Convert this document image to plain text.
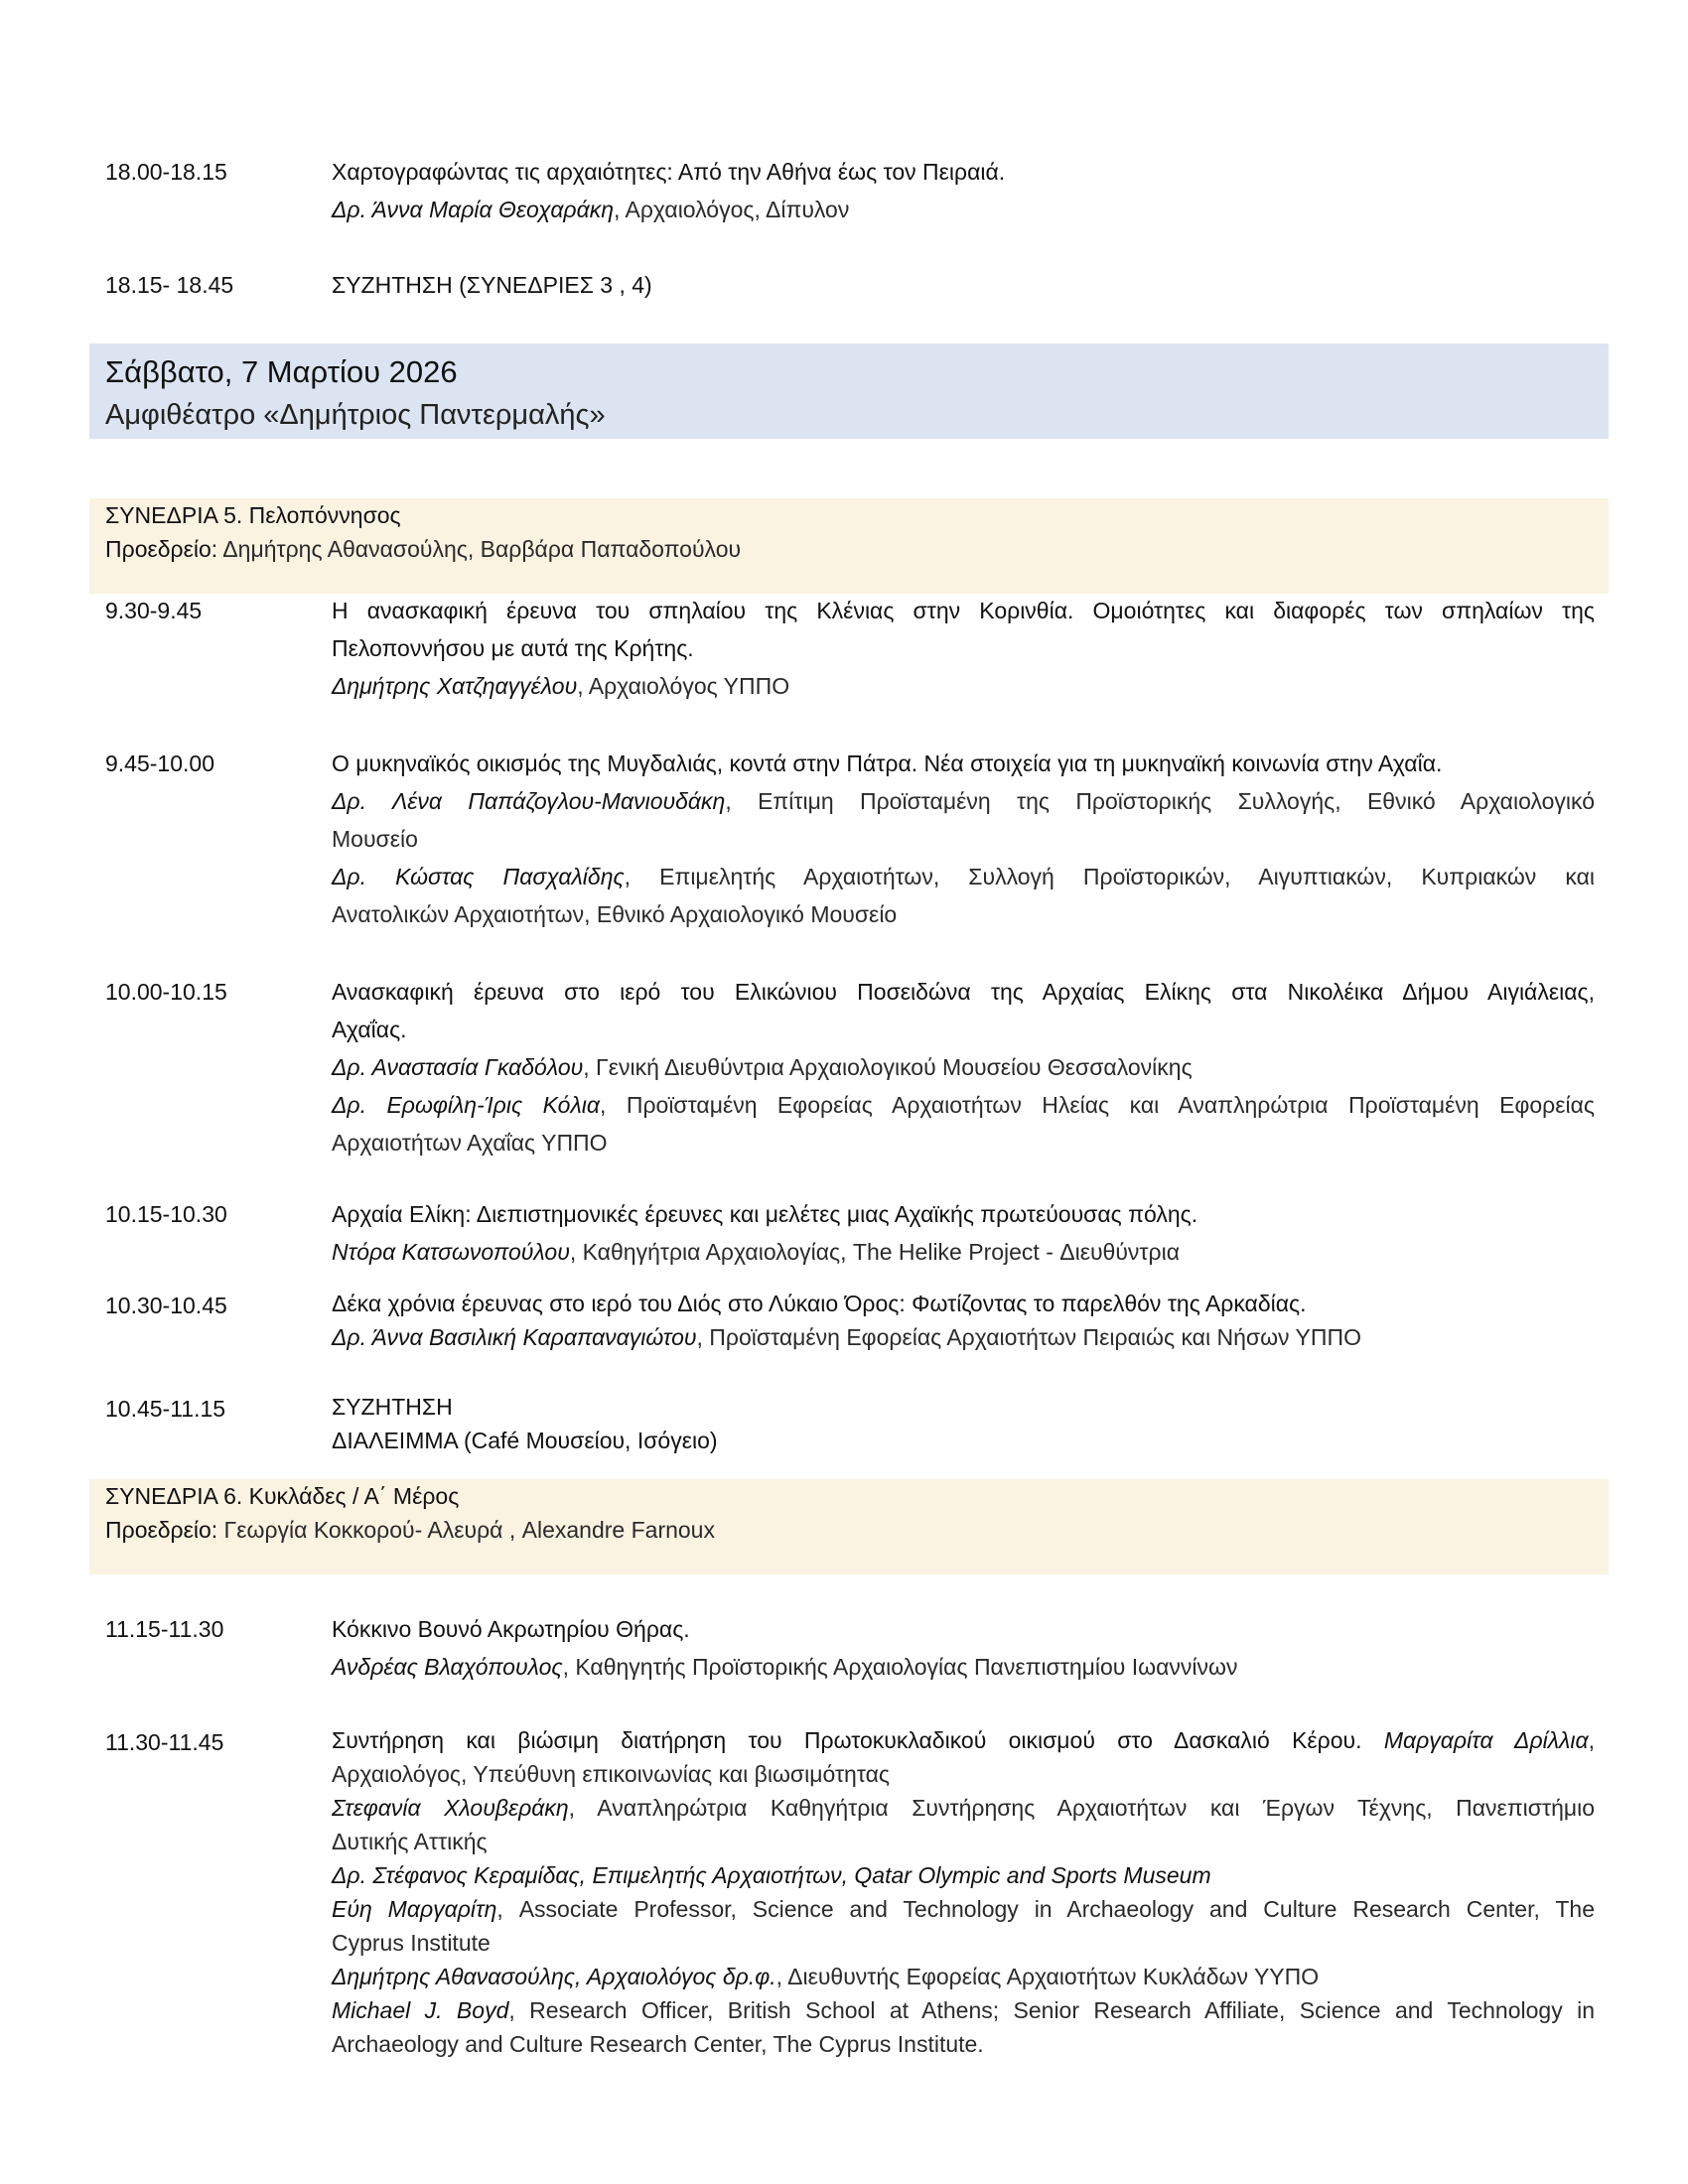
18.00-18.15	Χαρτογραφώντας τις αρχαιότητες: Από την Αθήνα έως τον Πειραιά.
Δρ. Άννα Μαρία Θεοχαράκη, Αρχαιολόγος, Δίπυλον
18.15- 18.45	ΣΥΖΗΤΗΣΗ (ΣΥΝΕΔΡΙΕΣ 3 , 4)
Σάββατο, 7 Μαρτίου 2026
Αμφιθέατρο «Δημήτριος Παντερμαλής»
ΣΥΝΕΔΡΙΑ 5. Πελοπόννησος
Προεδρείο: Δημήτρης Αθανασούλης, Βαρβάρα Παπαδοπούλου
9.30-9.45	Η ανασκαφική έρευνα του σπηλαίου της Κλένιας στην Κορινθία. Ομοιότητες και διαφορές των σπηλαίων της
Πελοποννήσου με αυτά της Κρήτης.
Δημήτρης Χατζηαγγέλου, Αρχαιολόγος ΥΠΠΟ
9.45-10.00	Ο μυκηναϊκός οικισμός της Μυγδαλιάς, κοντά στην Πάτρα. Νέα στοιχεία για τη μυκηναϊκή κοινωνία στην Αχαΐα.
Δρ. Λένα Παπάζογλου-Μανιουδάκη, Επίτιμη Προϊσταμένη της Προϊστορικής Συλλογής, Εθνικό Αρχαιολογικό
Μουσείο
Δρ. Κώστας Πασχαλίδης, Επιμελητής Αρχαιοτήτων, Συλλογή Προϊστορικών, Αιγυπτιακών, Κυπριακών και
Ανατολικών Αρχαιοτήτων, Εθνικό Αρχαιολογικό Μουσείο
10.00-10.15	Ανασκαφική έρευνα στο ιερό του Ελικώνιου Ποσειδώνα της Αρχαίας Ελίκης στα Νικολέικα Δήμου Αιγιάλειας,
Αχαΐας.
Δρ. Αναστασία Γκαδόλου, Γενική Διευθύντρια Αρχαιολογικού Μουσείου Θεσσαλονίκης
Δρ. Ερωφίλη-Ίρις Κόλια, Προϊσταμένη Εφορείας Αρχαιοτήτων Ηλείας και Αναπληρώτρια Προϊσταμένη Εφορείας
Αρχαιοτήτων Αχαΐας ΥΠΠΟ
10.15-10.30	Αρχαία Ελίκη: Διεπιστημονικές έρευνες και μελέτες μιας Αχαϊκής πρωτεύουσας πόλης.
Ντόρα Κατσωνοπούλου, Καθηγήτρια Αρχαιολογίας, The Helike Project - Διευθύντρια
10.30-10.45	Δέκα χρόνια έρευνας στο ιερό του Διός στο Λύκαιο Όρος: Φωτίζοντας το παρελθόν της Αρκαδίας.
Δρ. Άννα Βασιλική Καραπαναγιώτου, Προϊσταμένη Εφορείας Αρχαιοτήτων Πειραιώς και Νήσων ΥΠΠΟ
10.45-11.15	ΣΥΖΗΤΗΣΗ
ΔΙΑΛΕΙΜΜΑ (Café Μουσείου, Ισόγειο)
ΣΥΝΕΔΡΙΑ 6. Κυκλάδες / Α΄ Μέρος
Προεδρείο: Γεωργία Κοκκορού- Αλευρά , Alexandre Farnoux
11.15-11.30	Κόκκινο Βουνό Ακρωτηρίου Θήρας.
Ανδρέας Βλαχόπουλος, Καθηγητής Προϊστορικής Αρχαιολογίας Πανεπιστημίου Ιωαννίνων
11.30-11.45	Συντήρηση και βιώσιμη διατήρηση του Πρωτοκυκλαδικού οικισμού στο Δασκαλιό Κέρου. Μαργαρίτα Δρίλλια,
Αρχαιολόγος, Υπεύθυνη επικοινωνίας και βιωσιμότητας
Στεφανία Χλουβεράκη, Αναπληρώτρια Καθηγήτρια Συντήρησης Αρχαιοτήτων και Έργων Τέχνης, Πανεπιστήμιο
Δυτικής Αττικής
Δρ. Στέφανος Κεραμίδας, Επιμελητής Αρχαιοτήτων, Qatar Olympic and Sports Museum
Εύη Μαργαρίτη, Associate Professor, Science and Technology in Archaeology and Culture Research Center, The
Cyprus Institute
Δημήτρης Αθανασούλης, Αρχαιολόγος δρ.φ., Διευθυντής Εφορείας Αρχαιοτήτων Κυκλάδων ΥΥΠΟ
Michael J. Boyd, Research Officer, British School at Athens; Senior Research Affiliate, Science and Technology in
Archaeology and Culture Research Center, The Cyprus Institute.
